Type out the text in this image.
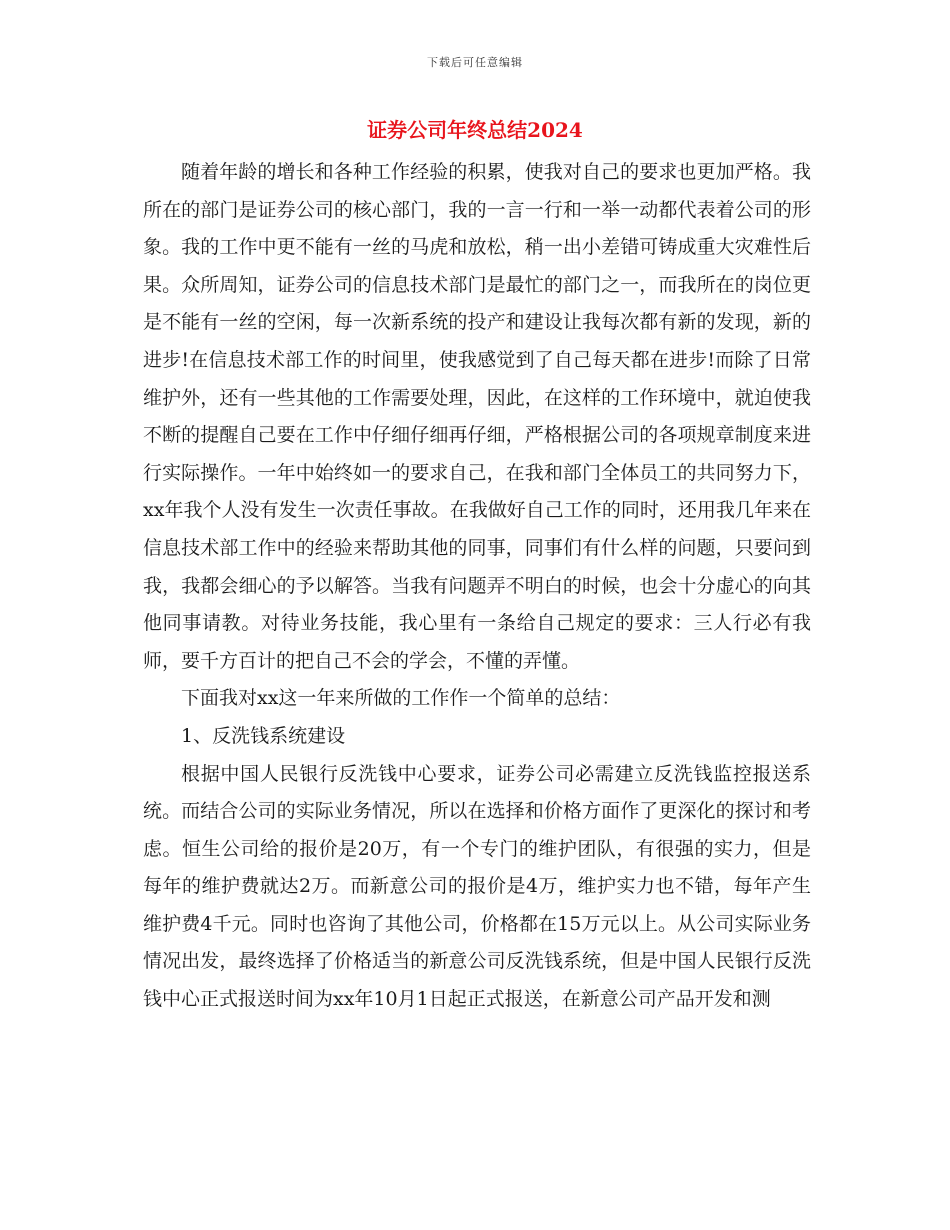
下载后可任意编辑
证券公司年终总结2024

随着年龄的增长和各种工作经验的积累，使我对自己的要求也更加严格。我所在的部门是证券公司的核心部门，我的一言一行和一举一动都代表着公司的形象。我的工作中更不能有一丝的马虎和放松，稍一出小差错可铸成重大灾难性后果。众所周知，证券公司的信息技术部门是最忙的部门之一，而我所在的岗位更是不能有一丝的空闲，每一次新系统的投产和建设让我每次都有新的发现，新的进步!在信息技术部工作的时间里，使我感觉到了自己每天都在进步!而除了日常维护外，还有一些其他的工作需要处理，因此，在这样的工作环境中，就迫使我不断的提醒自己要在工作中仔细仔细再仔细，严格根据公司的各项规章制度来进行实际操作。一年中始终如一的要求自己，在我和部门全体员工的共同努力下，xx年我个人没有发生一次责任事故。在我做好自己工作的同时，还用我几年来在信息技术部工作中的经验来帮助其他的同事，同事们有什么样的问题，只要问到我，我都会细心的予以解答。当我有问题弄不明白的时候，也会十分虚心的向其他同事请教。对待业务技能，我心里有一条给自己规定的要求：三人行必有我师，要千方百计的把自己不会的学会，不懂的弄懂。

下面我对xx这一年来所做的工作作一个简单的总结：

1、反洗钱系统建设

根据中国人民银行反洗钱中心要求，证券公司必需建立反洗钱监控报送系统。而结合公司的实际业务情况，所以在选择和价格方面作了更深化的探讨和考虑。恒生公司给的报价是20万，有一个专门的维护团队，有很强的实力，但是每年的维护费就达2万。而新意公司的报价是4万，维护实力也不错，每年产生维护费4千元。同时也咨询了其他公司，价格都在15万元以上。从公司实际业务情况出发，最终选择了价格适当的新意公司反洗钱系统，但是中国人民银行反洗钱中心正式报送时间为xx年10月1日起正式报送，在新意公司产品开发和测
